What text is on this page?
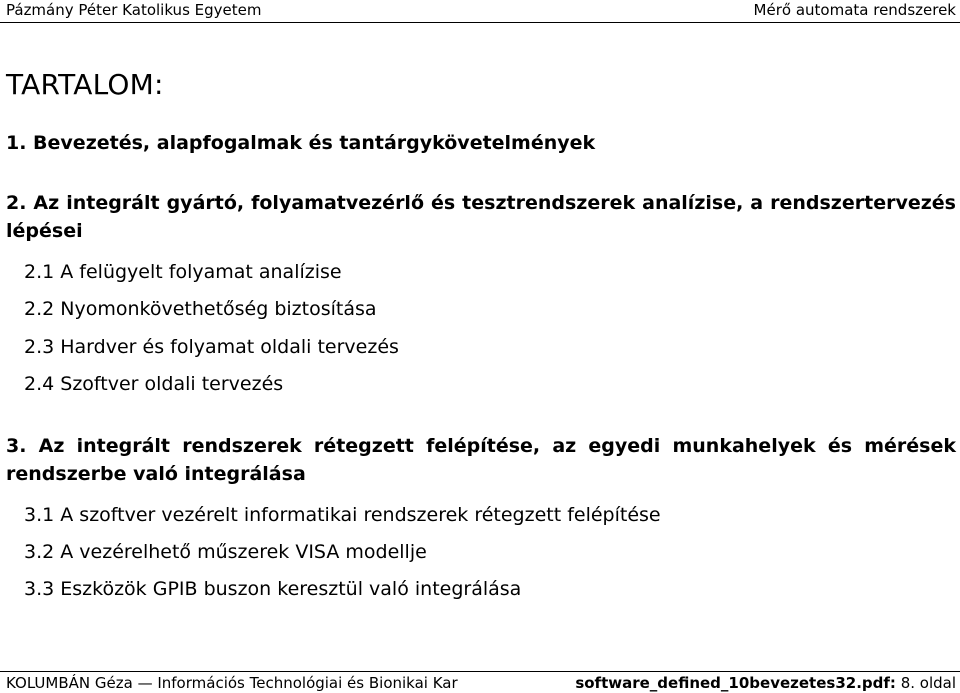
Pázmány Péter Katolikus Egyetem	Mérő automata rendszerek
TARTALOM:
1. Bevezetés, alapfogalmak és tantárgykövetelmények
2. Az integrált gyártó, folyamatvezérlő és tesztrendszerek analízise, a rendszertervezés lépései
2.1 A felügyelt folyamat analízise
2.2 Nyomonkövethetőség biztosítása
2.3 Hardver és folyamat oldali tervezés
2.4 Szoftver oldali tervezés
3. Az integrált rendszerek rétegzett felépítése, az egyedi munkahelyek és mérések rendszerbe való integrálása
3.1 A szoftver vezérelt informatikai rendszerek rétegzett felépítése
3.2 A vezérelhető műszerek VISA modellje
3.3 Eszközök GPIB buszon keresztül való integrálása
KOLUMBÁN Géza — Információs Technológiai és Bionikai Kar	software_defined_10bevezetes32.pdf: 8. oldal
